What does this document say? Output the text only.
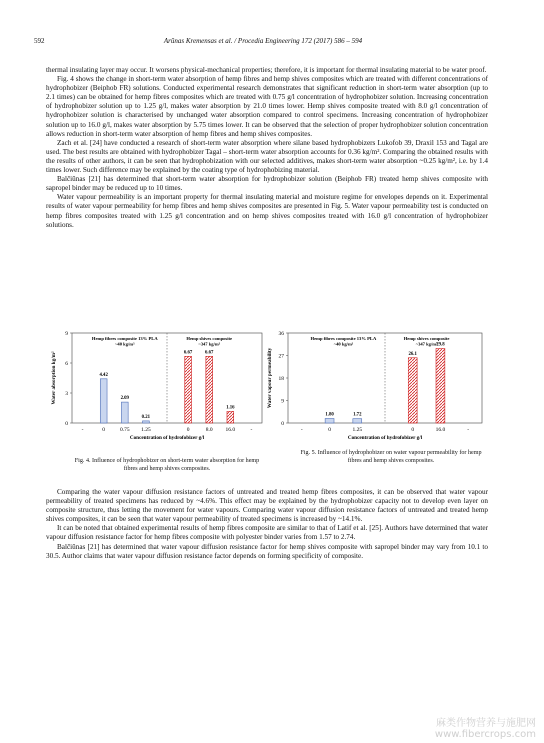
592	Arūnas Kremensas et al. / Procedia Engineering 172 (2017) 586 – 594

thermal insulating layer may occur. It worsens physical-mechanical properties; therefore, it is important for thermal insulating material to be water proof.

Fig. 4 shows the change in short-term water absorption of hemp fibres and hemp shives composites which are treated with different concentrations of hydrophobizer (Beiphob FR) solutions. Conducted experimental research demonstrates that significant reduction in short-term water absorption (up to 2.1 times) can be obtained for hemp fibres composites which are treated with 0.75 g/l concentration of hydrophobizer solution. Increasing concentration of hydrophobizer solution up to 1.25 g/l, makes water absorption by 21.0 times lower. Hemp shives composite treated with 8.0 g/l concentration of hydrophobizer solution is characterised by unchanged water absorption compared to control specimens. Increasing concentration of hydrophobizer solution up to 16.0 g/l, makes water absorption by 5.75 times lower. It can be observed that the selection of proper hydrophobizer solution concentration allows reduction in short-term water absorption of hemp fibres and hemp shives composites.

Zach et al. [24] have conducted a research of short-term water absorption where silane based hydrophobizers Lukofob 39, Draxil 153 and Tagal are used. The best results are obtained with hydrophobizer Tagal – short-term water absorption accounts for 0.36 kg/m². Comparing the obtained results with the results of other authors, it can be seen that hydrophobization with our selected additives, makes short-term water absorption ~0.25 kg/m², i.e. by 1.4 times lower. Such difference may be explained by the coating type of hydrophobizing material.

Balčiūnas [21] has determined that short-term water absorption for hydrophobizer solution (Beiphob FR) treated hemp shives composite with sapropel binder may be reduced up to 10 times.

Water vapour permeability is an important property for thermal insulating material and moisture regime for envelopes depends on it. Experimental results of water vapour permeability for hemp fibres and hemp shives composites are presented in Fig. 5. Water vapour permeability test is conducted on hemp fibres composites treated with 1.25 g/l concentration and on hemp shives composites treated with 16.0 g/l concentration of hydrophobizer solutions.

0
3
6
9
Water absorption kg/m²
Concentration of hydrofobizer g/l
-	-
Hemp fibres composite 13% PLA
~40 kg/m³
Hemp shives composite
~347 kg/m³
4.42
0
2.09
0.75
0.21
1.25
6.67
0
6.67
8.0
1.16
16.0
0
9
18
27
36
Water vapour permeability
Concentration of hydrofobizer g/l
-	-
Hemp fibres composite 13% PLA
~40 kg/m³
Hemp shives composite
~347 kg/m³
1.80
0
1.72
1.25
26.1
0
29.8
16.0
Fig. 4. Influence of hydrophobizer on short-term water absorption for hemp fibres and hemp shives composites.
Fig. 5. Influence of hydrophobizer on water vapour permeability for hemp fibres and hemp shives composites.

Comparing the water vapour diffusion resistance factors of untreated and treated hemp fibres composites, it can be observed that water vapour permeability of treated specimens has reduced by ~4.6%. This effect may be explained by the hydrophobizer capacity not to develop even layer on composite structure, thus letting the movement for water vapours. Comparing water vapour diffusion resistance factors of untreated and treated hemp shives composites, it can be seen that water vapour permeability of treated specimens is increased by ~14.1%.

It can be noted that obtained experimental results of hemp fibres composite are similar to that of Latif et al. [25]. Authors have determined that water vapour diffusion resistance factor for hemp fibres composite with polyester binder varies from 1.57 to 2.74.

Balčiūnas [21] has determined that water vapour diffusion resistance factor for hemp shives composite with sapropel binder may vary from 10.1 to 30.5. Author claims that water vapour diffusion resistance factor depends on forming specificity of composite.

麻类作物营养与施肥网
www.fibercrops.com
